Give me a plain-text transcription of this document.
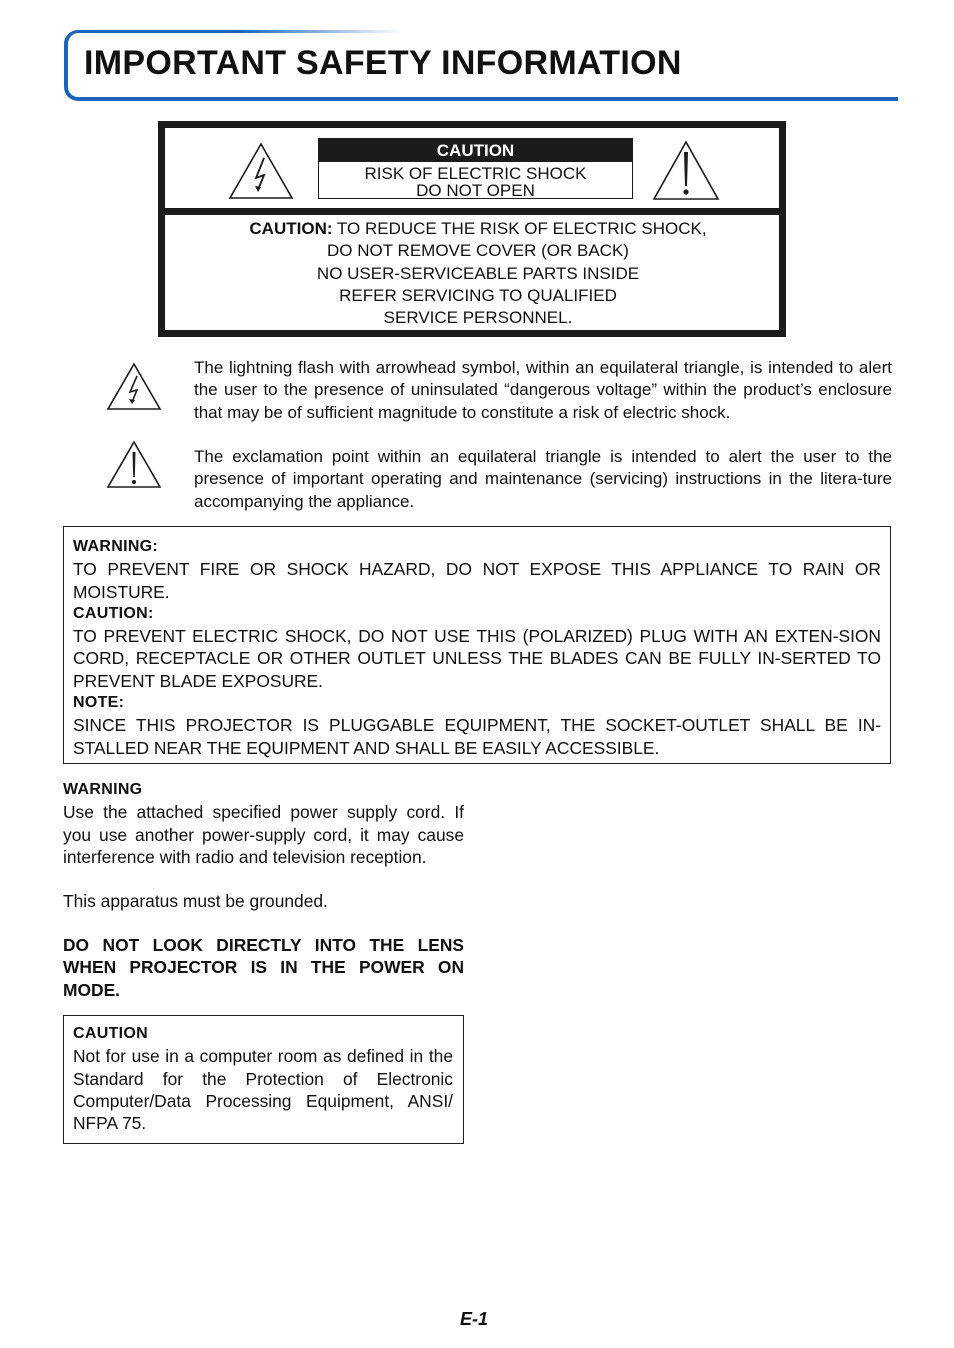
IMPORTANT SAFETY INFORMATION
CAUTION
RISK OF ELECTRIC SHOCK
DO NOT OPEN
CAUTION: TO REDUCE THE RISK OF ELECTRIC SHOCK,
DO NOT REMOVE COVER (OR BACK)
NO USER-SERVICEABLE PARTS INSIDE
REFER SERVICING TO QUALIFIED
SERVICE PERSONNEL.
The lightning flash with arrowhead symbol, within an equilateral triangle, is intended to alert the user to the presence of uninsulated “dangerous voltage” within the product’s enclosure that may be of sufficient magnitude to constitute a risk of electric shock.
The exclamation point within an equilateral triangle is intended to alert the user to the presence of important operating and maintenance (servicing) instructions in the litera-ture accompanying the appliance.
WARNING:
TO PREVENT FIRE OR SHOCK HAZARD, DO NOT EXPOSE THIS APPLIANCE TO RAIN OR MOISTURE.
CAUTION:
TO PREVENT ELECTRIC SHOCK, DO NOT USE THIS (POLARIZED) PLUG WITH AN EXTEN-SION CORD, RECEPTACLE OR OTHER OUTLET UNLESS THE BLADES CAN BE FULLY IN-SERTED TO PREVENT BLADE EXPOSURE.
NOTE:
SINCE THIS PROJECTOR IS PLUGGABLE EQUIPMENT, THE SOCKET-OUTLET SHALL BE IN-STALLED NEAR THE EQUIPMENT AND SHALL BE EASILY ACCESSIBLE.
WARNING
Use the attached specified power supply cord. If you use another power-supply cord, it may cause interference with radio and television reception.
This apparatus must be grounded.
DO NOT LOOK DIRECTLY INTO THE LENS WHEN PROJECTOR IS IN THE POWER ON MODE.
CAUTION
Not for use in a computer room as defined in the Standard for the Protection of Electronic Computer/Data Processing Equipment, ANSI/ NFPA 75.
E-1
